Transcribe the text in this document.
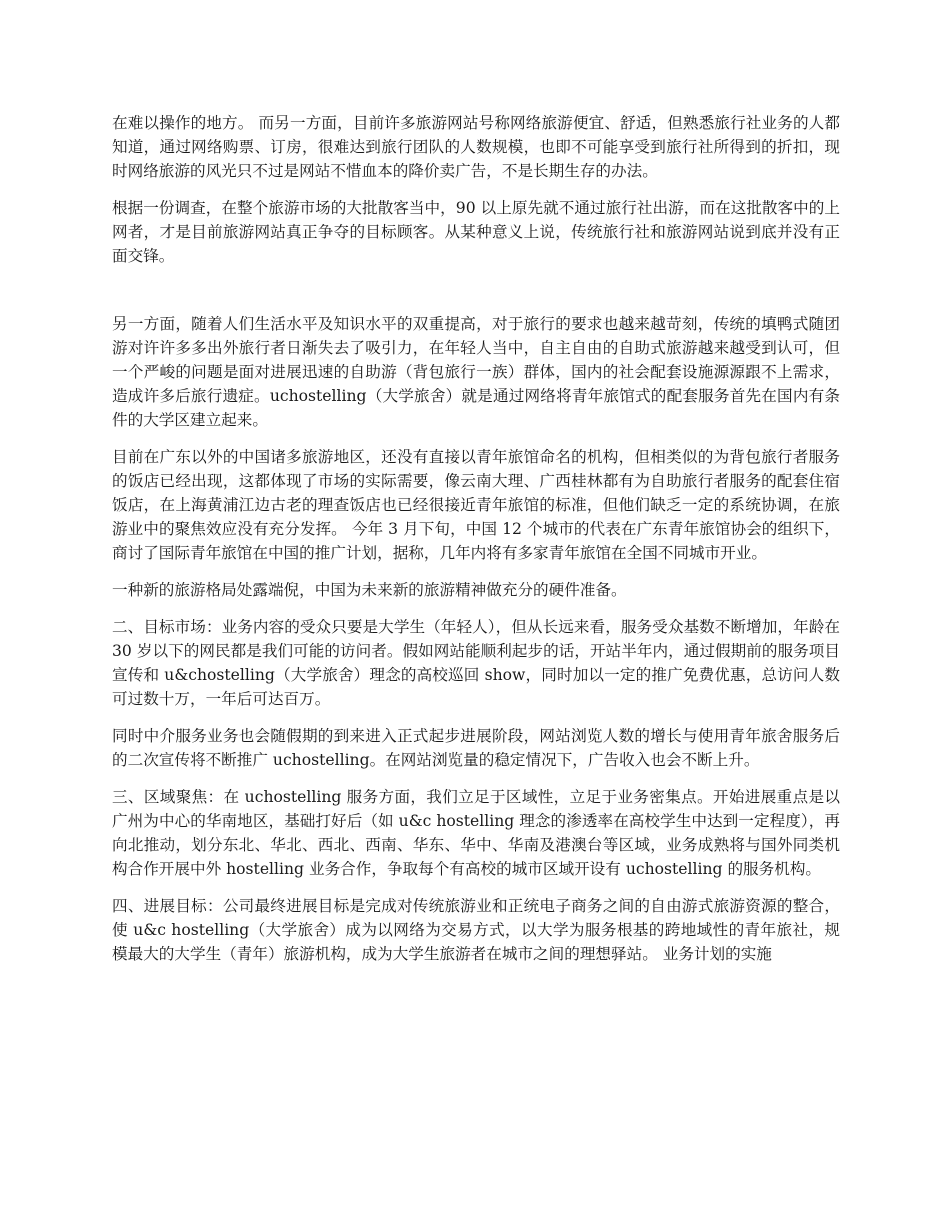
在难以操作的地方。 而另一方面，目前许多旅游网站号称网络旅游便宜、舒适，但熟悉旅行社业务的人都知道，通过网络购票、订房，很难达到旅行团队的人数规模，也即不可能享受到旅行社所得到的折扣，现时网络旅游的风光只不过是网站不惜血本的降价卖广告，不是长期生存的办法。

根据一份调查，在整个旅游市场的大批散客当中，90 以上原先就不通过旅行社出游，而在这批散客中的上网者，才是目前旅游网站真正争夺的目标顾客。从某种意义上说，传统旅行社和旅游网站说到底并没有正面交锋。

另一方面，随着人们生活水平及知识水平的双重提高，对于旅行的要求也越来越苛刻，传统的填鸭式随团游对许许多多出外旅行者日渐失去了吸引力，在年轻人当中，自主自由的自助式旅游越来越受到认可，但一个严峻的问题是面对进展迅速的自助游（背包旅行一族）群体，国内的社会配套设施源源跟不上需求，造成许多后旅行遗症。uchostelling（大学旅舍）就是通过网络将青年旅馆式的配套服务首先在国内有条件的大学区建立起来。

目前在广东以外的中国诸多旅游地区，还没有直接以青年旅馆命名的机构，但相类似的为背包旅行者服务的饭店已经出现，这都体现了市场的实际需要，像云南大理、广西桂林都有为自助旅行者服务的配套住宿饭店，在上海黄浦江边古老的理查饭店也已经很接近青年旅馆的标准，但他们缺乏一定的系统协调，在旅游业中的聚焦效应没有充分发挥。 今年 3 月下旬，中国 12 个城市的代表在广东青年旅馆协会的组织下，商讨了国际青年旅馆在中国的推广计划，据称，几年内将有多家青年旅馆在全国不同城市开业。

一种新的旅游格局处露端倪，中国为未来新的旅游精神做充分的硬件准备。

二、目标市场：业务内容的受众只要是大学生（年轻人），但从长远来看，服务受众基数不断增加，年龄在 30 岁以下的网民都是我们可能的访问者。假如网站能顺利起步的话，开站半年内，通过假期前的服务项目宣传和 u&chostelling（大学旅舍）理念的高校巡回 show，同时加以一定的推广免费优惠，总访问人数可过数十万，一年后可达百万。

同时中介服务业务也会随假期的到来进入正式起步进展阶段，网站浏览人数的增长与使用青年旅舍服务后的二次宣传将不断推广 uchostelling。在网站浏览量的稳定情况下，广告收入也会不断上升。

三、区域聚焦：在 uchostelling 服务方面，我们立足于区域性，立足于业务密集点。开始进展重点是以广州为中心的华南地区，基础打好后（如 u&c hostelling 理念的渗透率在高校学生中达到一定程度），再向北推动，划分东北、华北、西北、西南、华东、华中、华南及港澳台等区域，业务成熟将与国外同类机构合作开展中外 hostelling 业务合作，争取每个有高校的城市区域开设有 uchostelling 的服务机构。

四、进展目标：公司最终进展目标是完成对传统旅游业和正统电子商务之间的自由游式旅游资源的整合，使 u&c hostelling（大学旅舍）成为以网络为交易方式，以大学为服务根基的跨地域性的青年旅社，规模最大的大学生（青年）旅游机构，成为大学生旅游者在城市之间的理想驿站。 业务计划的实施
